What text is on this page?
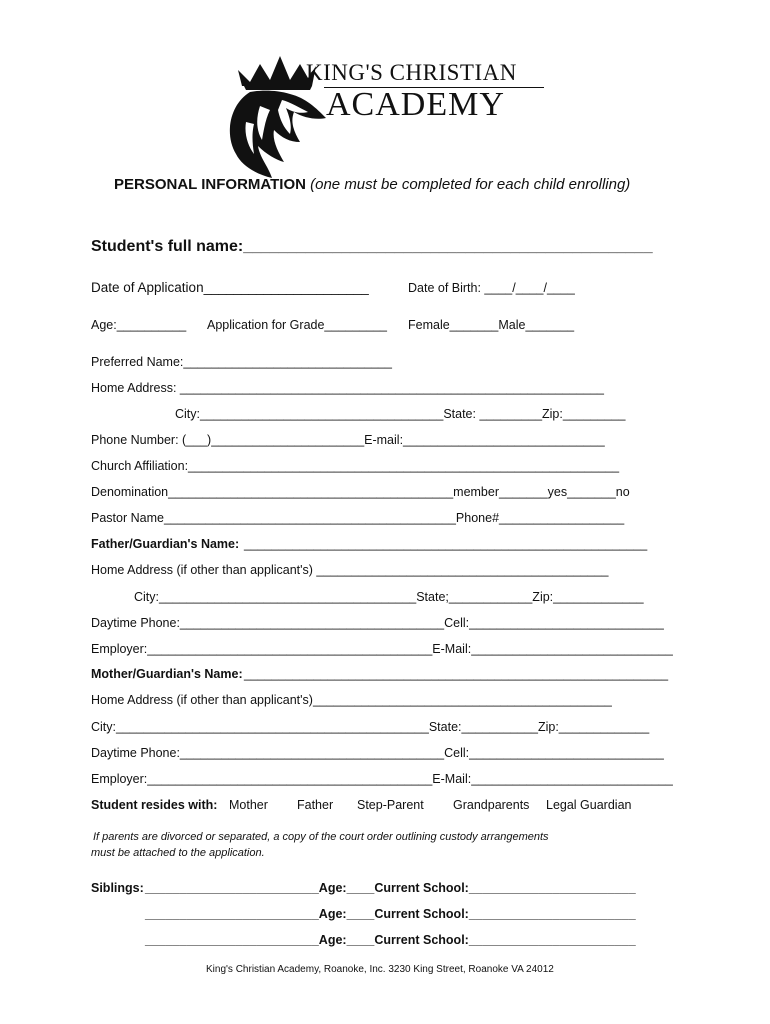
KING'S CHRISTIAN
ACADEMY
PERSONAL INFORMATION (one must be completed for each child enrolling)
Student's full name:______________________________________________
Date of Application______________________	Date of Birth: ____/____/____
Age:__________ Application for Grade_________ Female_______Male_______
Preferred Name:______________________________
Home Address: _____________________________________________________________
City:___________________________________State: _________Zip:_________
Phone Number: (___)______________________E-mail:_____________________________
Church Affiliation:______________________________________________________________
Denomination_________________________________________member_______yes_______no
Pastor Name__________________________________________Phone#__________________
Father/Guardian's Name: __________________________________________________________
Home Address (if other than applicant's) __________________________________________
City:_____________________________________State;____________Zip:_____________
Daytime Phone:______________________________________Cell:____________________________
Employer:_________________________________________E-Mail:_____________________________
Mother/Guardian's Name: _____________________________________________________________
Home Address (if other than applicant's)___________________________________________
City:_____________________________________________State:___________Zip:_____________
Daytime Phone:______________________________________Cell:____________________________
Employer:_________________________________________E-Mail:_____________________________
Student resides with: Mother Father Step-Parent Grandparents Legal Guardian
If parents are divorced or separated, a copy of the court order outlining custody arrangements
must be attached to the application.
Siblings: _________________________Age:____Current School:________________________
_________________________Age:____Current School:________________________
_________________________Age:____Current School:________________________
King's Christian Academy, Roanoke, Inc. 3230 King Street, Roanoke VA 24012
